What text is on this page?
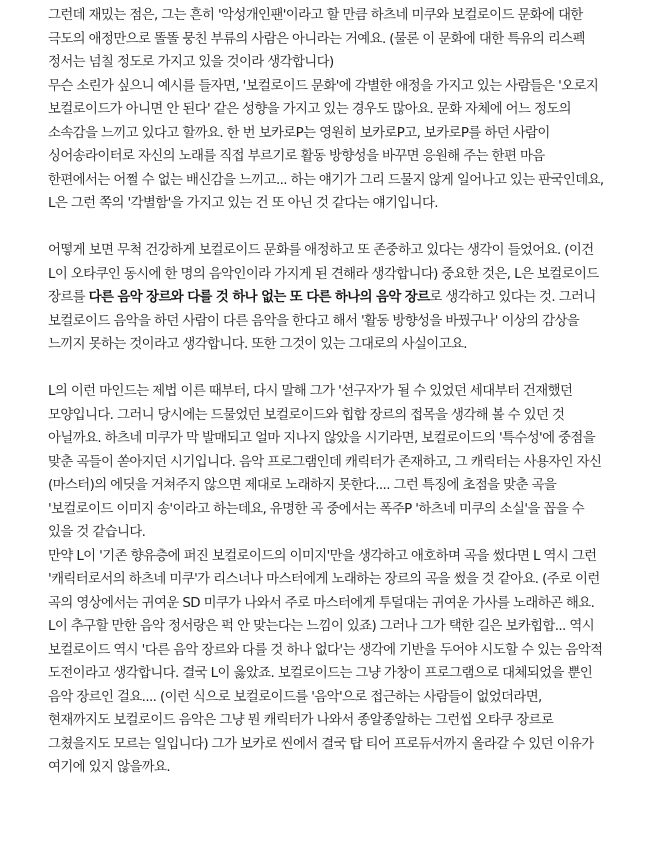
그런데 재밌는 점은, 그는 흔히 '악성개인팬'이라고 할 만큼 하츠네 미쿠와 보컬로이드 문화에 대한 극도의 애정만으로 똘똘 뭉친 부류의 사람은 아니라는 거예요. (물론 이 문화에 대한 특유의 리스펙 정서는 넘칠 정도로 가지고 있을 것이라 생각합니다)

무슨 소린가 싶으니 예시를 들자면, '보컬로이드 문화'에 각별한 애정을 가지고 있는 사람들은 '오로지 보컬로이드가 아니면 안 된다' 같은 성향을 가지고 있는 경우도 많아요. 문화 자체에 어느 정도의 소속감을 느끼고 있다고 할까요. 한 번 보카로P는 영원히 보카로P고, 보카로P를 하던 사람이 싱어송라이터로 자신의 노래를 직접 부르기로 활동 방향성을 바꾸면 응원해 주는 한편 마음 한편에서는 어쩔 수 없는 배신감을 느끼고... 하는 얘기가 그리 드물지 않게 일어나고 있는 판국인데요, L은 그런 쪽의 '각별함'을 가지고 있는 건 또 아닌 것 같다는 얘기입니다.

어떻게 보면 무척 건강하게 보컬로이드 문화를 애정하고 또 존중하고 있다는 생각이 들었어요. (이건 L이 오타쿠인 동시에 한 명의 음악인이라 가지게 된 견해라 생각합니다) 중요한 것은, L은 보컬로이드 장르를 다른 음악 장르와 다를 것 하나 없는 또 다른 하나의 음악 장르로 생각하고 있다는 것. 그러니 보컬로이드 음악을 하던 사람이 다른 음악을 한다고 해서 '활동 방향성을 바꿨구나' 이상의 감상을 느끼지 못하는 것이라고 생각합니다. 또한 그것이 있는 그대로의 사실이고요.

L의 이런 마인드는 제법 이른 때부터, 다시 말해 그가 '선구자'가 될 수 있었던 세대부터 건재했던 모양입니다. 그러니 당시에는 드물었던 보컬로이드와 힙합 장르의 접목을 생각해 볼 수 있던 것 아닐까요. 하츠네 미쿠가 막 발매되고 얼마 지나지 않았을 시기라면, 보컬로이드의 '특수성'에 중점을 맞춘 곡들이 쏟아지던 시기입니다. 음악 프로그램인데 캐릭터가 존재하고, 그 캐릭터는 사용자인 자신(마스터)의 에딧을 거쳐주지 않으면 제대로 노래하지 못한다.... 그런 특징에 초점을 맞춘 곡을 '보컬로이드 이미지 송'이라고 하는데요, 유명한 곡 중에서는 폭주P '하츠네 미쿠의 소실'을 꼽을 수 있을 것 같습니다.

만약 L이 '기존 향유층에 퍼진 보컬로이드의 이미지'만을 생각하고 애호하며 곡을 썼다면 L 역시 그런 '캐릭터로서의 하츠네 미쿠'가 리스너나 마스터에게 노래하는 장르의 곡을 썼을 것 같아요. (주로 이런 곡의 영상에서는 귀여운 SD 미쿠가 나와서 주로 마스터에게 투덜대는 귀여운 가사를 노래하곤 해요. L이 추구할 만한 음악 정서랑은 퍽 안 맞는다는 느낌이 있죠) 그러나 그가 택한 길은 보카힙합... 역시 보컬로이드 역시 '다른 음악 장르와 다를 것 하나 없다'는 생각에 기반을 두어야 시도할 수 있는 음악적 도전이라고 생각합니다. 결국 L이 옳았죠. 보컬로이드는 그냥 가창이 프로그램으로 대체되었을 뿐인 음악 장르인 걸요.... (이런 식으로 보컬로이드를 '음악'으로 접근하는 사람들이 없었더라면, 현재까지도 보컬로이드 음악은 그냥 뭔 캐릭터가 나와서 종알종알하는 그런씹 오타쿠 장르로 그쳤을지도 모르는 일입니다) 그가 보카로 씬에서 결국 탑 티어 프로듀서까지 올라갈 수 있던 이유가 여기에 있지 않을까요.
